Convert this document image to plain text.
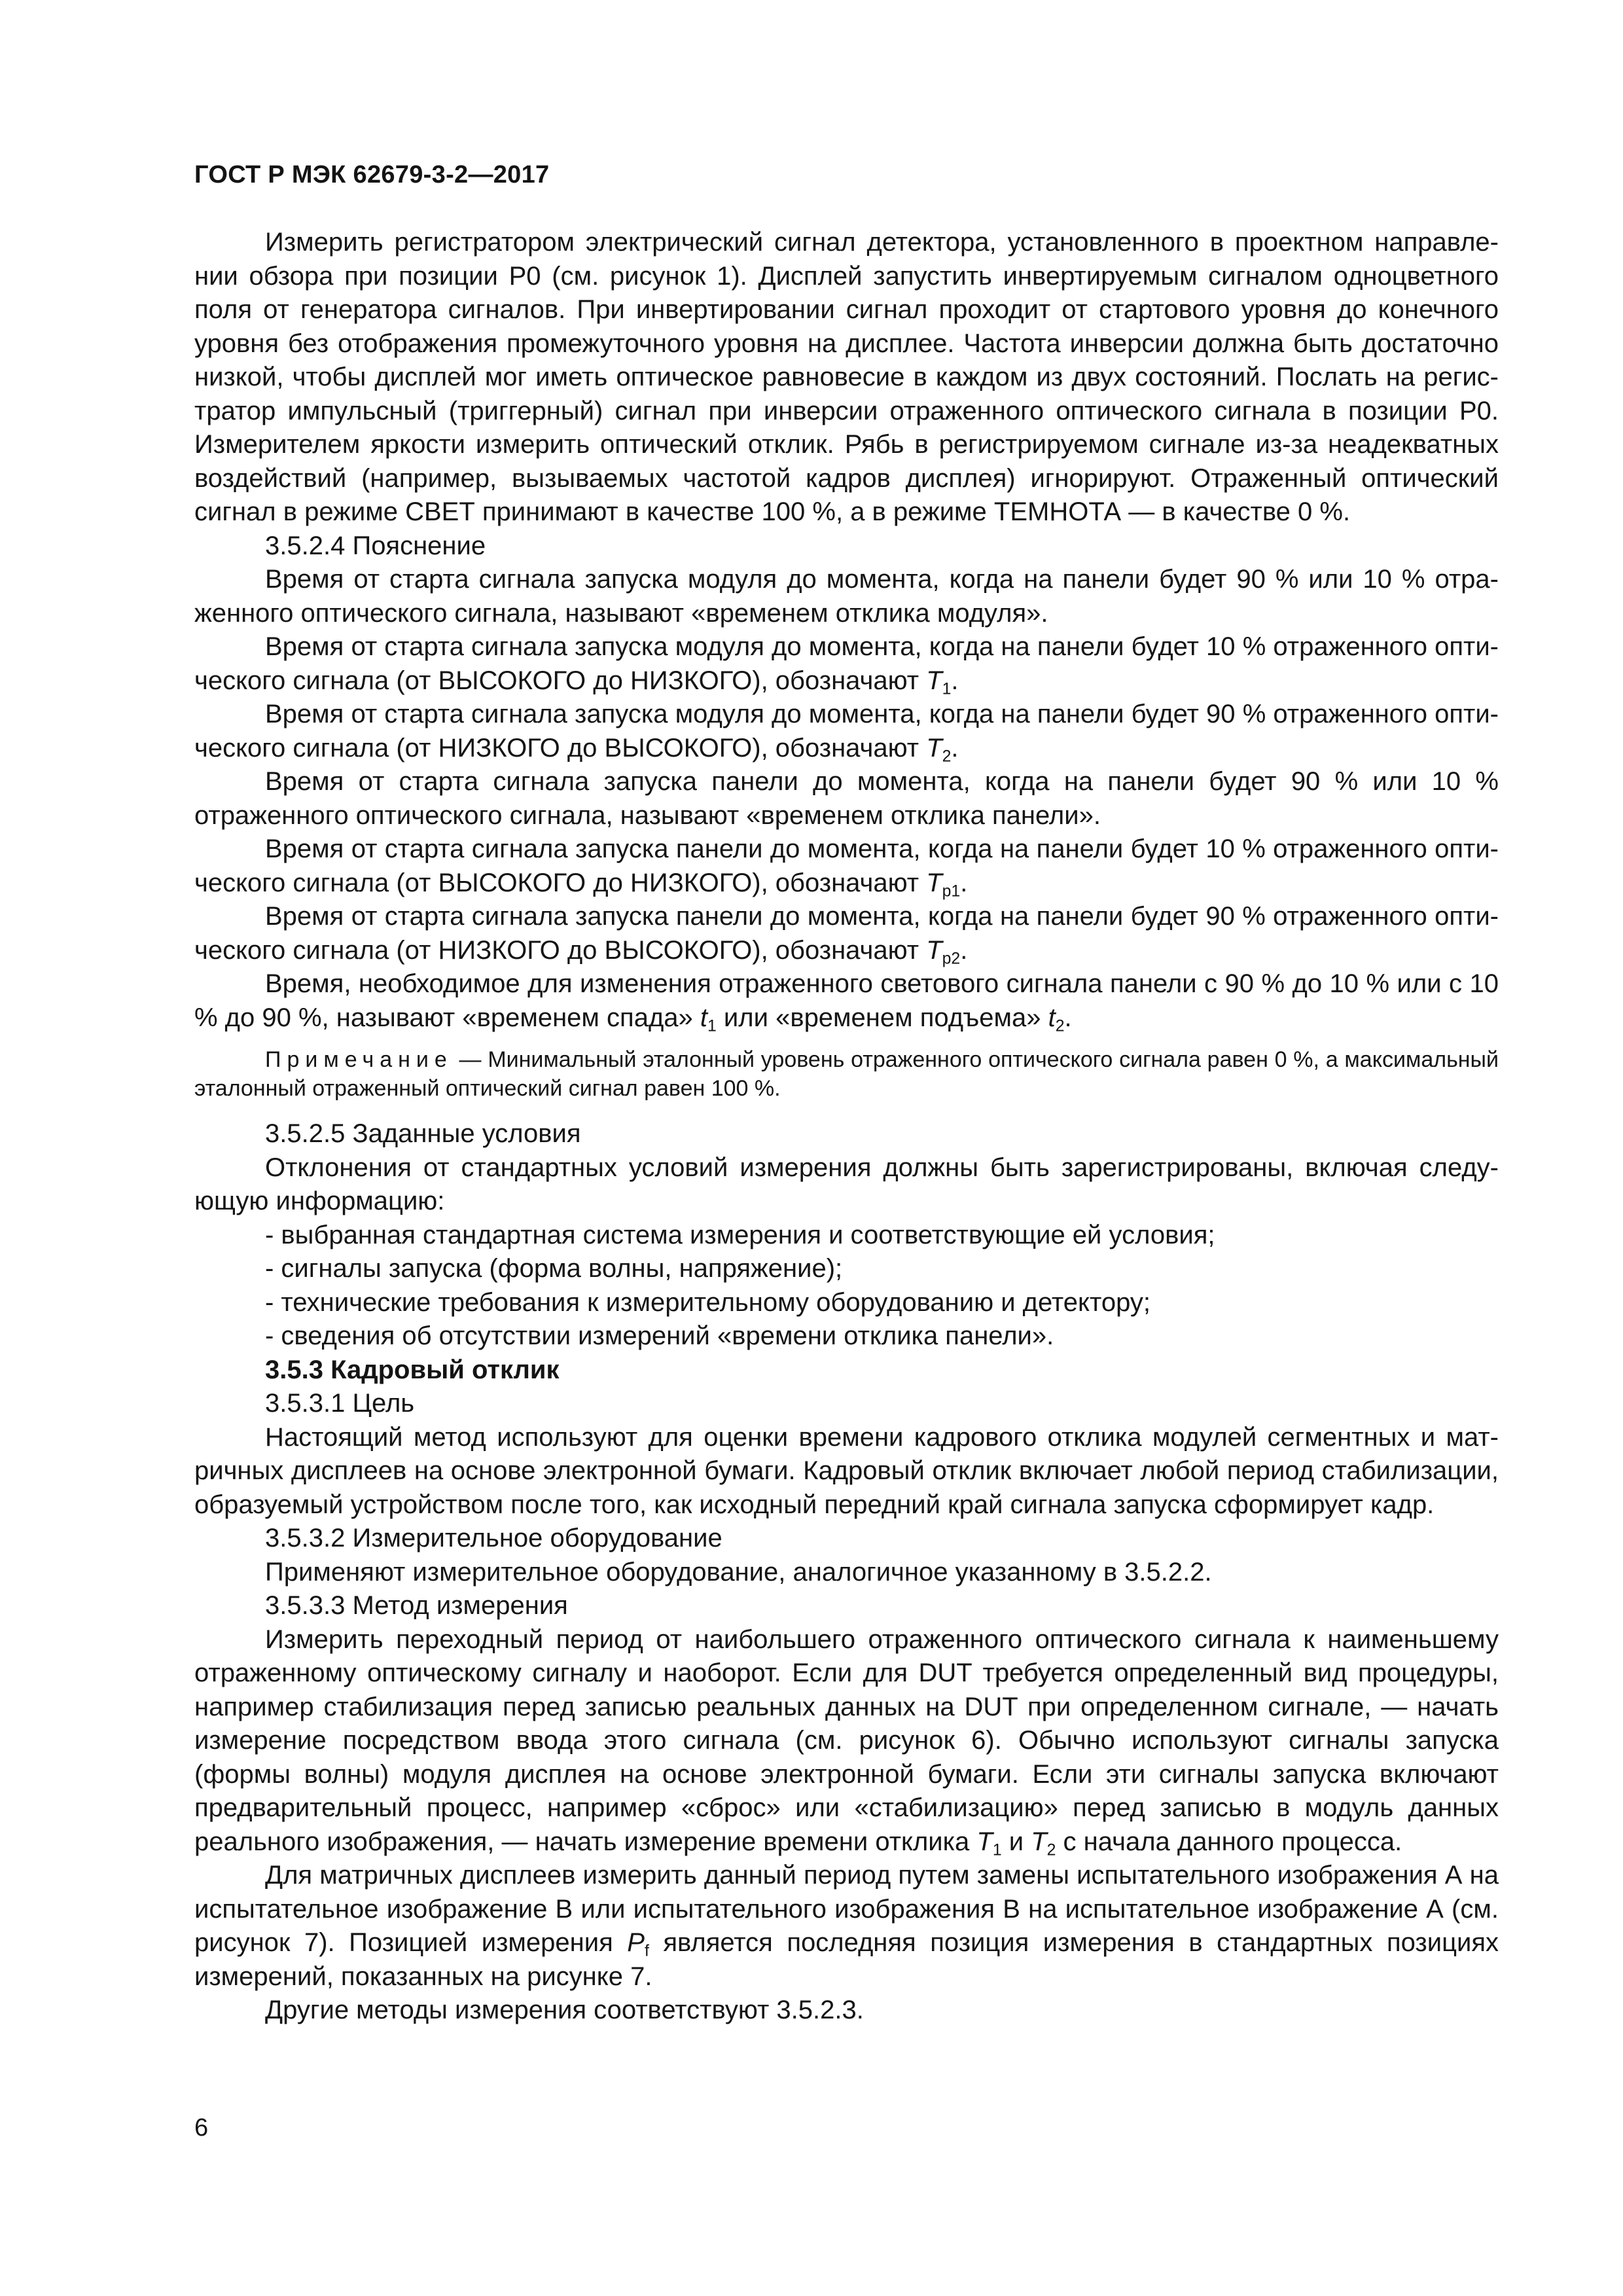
ГОСТ Р МЭК 62679-3-2—2017

Измерить регистратором электрический сигнал детектора, установленного в проектном направлении обзора при позиции Р0 (см. рисунок 1). Дисплей запустить инвертируемым сигналом одноцветного поля от генератора сигналов. При инвертировании сигнал проходит от стартового уровня до конечного уровня без отображения промежуточного уровня на дисплее. Частота инверсии должна быть достаточно низкой, чтобы дисплей мог иметь оптическое равновесие в каждом из двух состояний. Послать на регистратор импульсный (триггерный) сигнал при инверсии отраженного оптического сигнала в позиции Р0. Измерителем яркости измерить оптический отклик. Рябь в регистрируемом сигнале из-за неадекватных воздействий (например, вызываемых частотой кадров дисплея) игнорируют. Отраженный оптический сигнал в режиме СВЕТ принимают в качестве 100 %, а в режиме ТЕМНОТА — в качестве 0 %.

3.5.2.4 Пояснение

Время от старта сигнала запуска модуля до момента, когда на панели будет 90 % или 10 % отраженного оптического сигнала, называют «временем отклика модуля».

Время от старта сигнала запуска модуля до момента, когда на панели будет 10 % отраженного оптического сигнала (от ВЫСОКОГО до НИЗКОГО), обозначают $T_1$.

Время от старта сигнала запуска модуля до момента, когда на панели будет 90 % отраженного оптического сигнала (от НИЗКОГО до ВЫСОКОГО), обозначают $T_2$.

Время от старта сигнала запуска панели до момента, когда на панели будет 90 % или 10 % отраженного оптического сигнала, называют «временем отклика панели».

Время от старта сигнала запуска панели до момента, когда на панели будет 10 % отраженного оптического сигнала (от ВЫСОКОГО до НИЗКОГО), обозначают $T_{p1}$.

Время от старта сигнала запуска панели до момента, когда на панели будет 90 % отраженного оптического сигнала (от НИЗКОГО до ВЫСОКОГО), обозначают $T_{p2}$.

Время, необходимое для изменения отраженного светового сигнала панели с 90 % до 10 % или с 10 % до 90 %, называют «временем спада» $t_1$ или «временем подъема» $t_2$.

Примечание — Минимальный эталонный уровень отраженного оптического сигнала равен 0 %, а максимальный эталонный отраженный оптический сигнал равен 100 %.

3.5.2.5 Заданные условия

Отклонения от стандартных условий измерения должны быть зарегистрированы, включая следующую информацию:

- выбранная стандартная система измерения и соответствующие ей условия;

- сигналы запуска (форма волны, напряжение);

- технические требования к измерительному оборудованию и детектору;

- сведения об отсутствии измерений «времени отклика панели».

3.5.3 Кадровый отклик

3.5.3.1 Цель

Настоящий метод используют для оценки времени кадрового отклика модулей сегментных и матричных дисплеев на основе электронной бумаги. Кадровый отклик включает любой период стабилизации, образуемый устройством после того, как исходный передний край сигнала запуска сформирует кадр.

3.5.3.2 Измерительное оборудование

Применяют измерительное оборудование, аналогичное указанному в 3.5.2.2.

3.5.3.3 Метод измерения

Измерить переходный период от наибольшего отраженного оптического сигнала к наименьшему отраженному оптическому сигналу и наоборот. Если для DUT требуется определенный вид процедуры, например стабилизация перед записью реальных данных на DUT при определенном сигнале, — начать измерение посредством ввода этого сигнала (см. рисунок 6). Обычно используют сигналы запуска (формы волны) модуля дисплея на основе электронной бумаги. Если эти сигналы запуска включают предварительный процесс, например «сброс» или «стабилизацию» перед записью в модуль данных реального изображения, — начать измерение времени отклика $T_1$ и $T_2$ с начала данного процесса.

Для матричных дисплеев измерить данный период путем замены испытательного изображения А на испытательное изображение В или испытательного изображения В на испытательное изображение А (см. рисунок 7). Позицией измерения $P_f$ является последняя позиция измерения в стандартных позициях измерений, показанных на рисунке 7.

Другие методы измерения соответствуют 3.5.2.3.

6
